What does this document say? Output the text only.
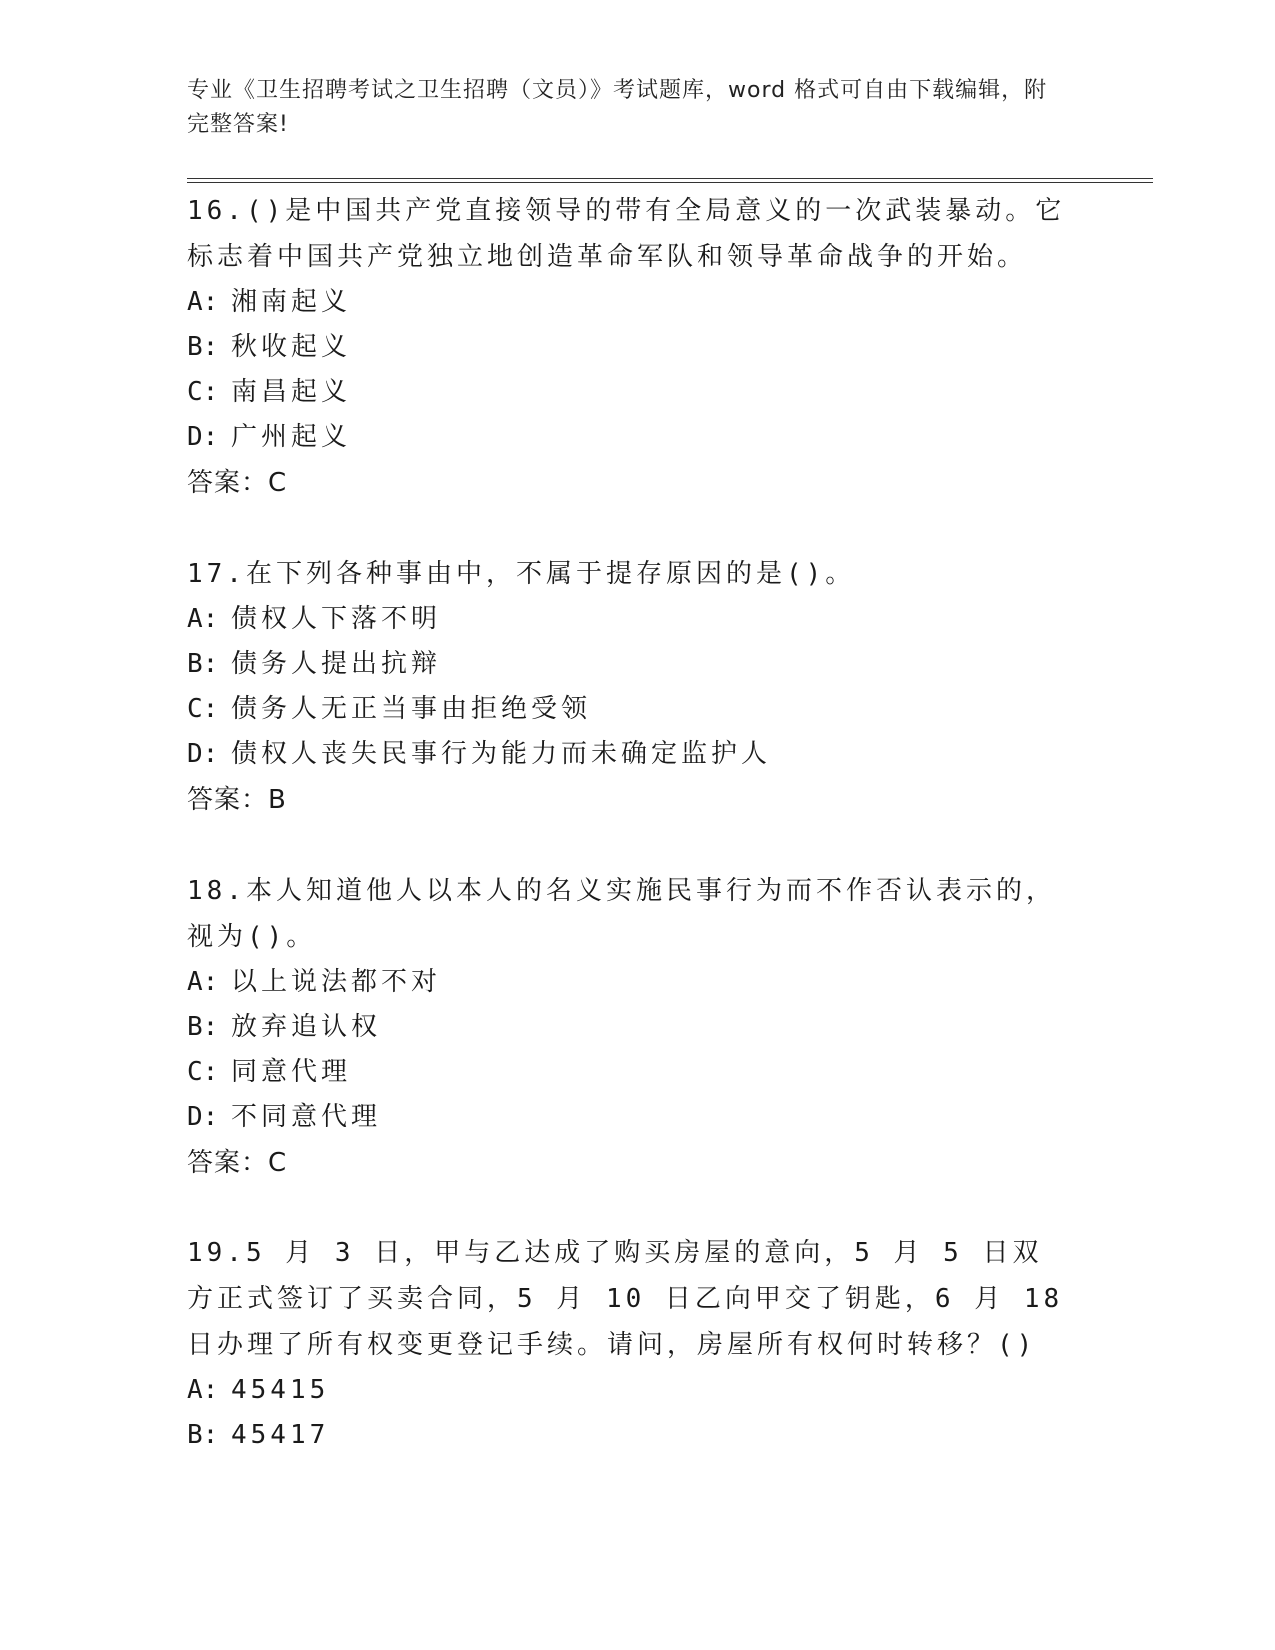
专业《卫生招聘考试之卫生招聘（文员）》考试题库，word 格式可自由下载编辑，附完整答案!

16.()是中国共产党直接领导的带有全局意义的一次武装暴动。它标志着中国共产党独立地创造革命军队和领导革命战争的开始。

A: 湘南起义

B: 秋收起义

C: 南昌起义

D: 广州起义

答案：C

17.在下列各种事由中，不属于提存原因的是()。

A: 债权人下落不明

B: 债务人提出抗辩

C: 债务人无正当事由拒绝受领

D: 债权人丧失民事行为能力而未确定监护人

答案：B

18.本人知道他人以本人的名义实施民事行为而不作否认表示的，视为()。

A: 以上说法都不对

B: 放弃追认权

C: 同意代理

D: 不同意代理

答案：C

19.5 月 3 日，甲与乙达成了购买房屋的意向，5 月 5 日双方正式签订了买卖合同，5 月 10 日乙向甲交了钥匙，6 月 18 日办理了所有权变更登记手续。请问，房屋所有权何时转移？()

A: 45415

B: 45417
